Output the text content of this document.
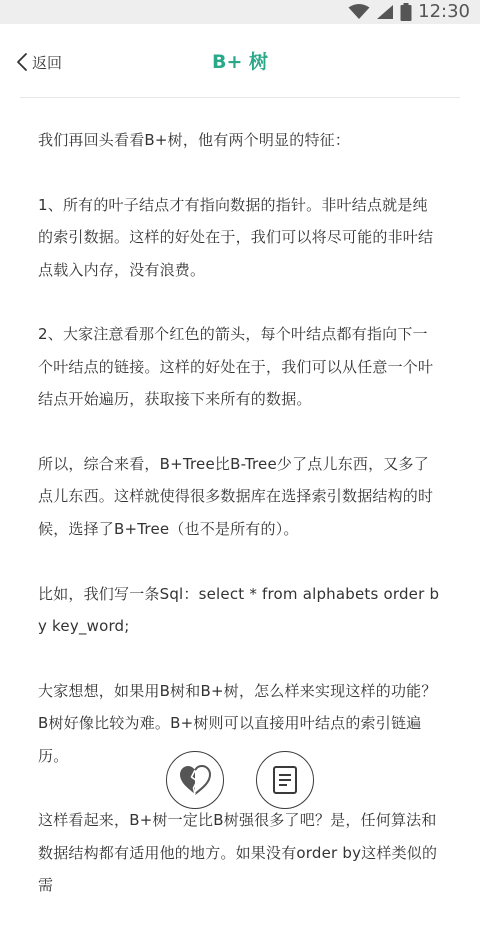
12:30
返回	B+ 树

我们再回头看看B+树，他有两个明显的特征：

1、所有的叶子结点才有指向数据的指针。非叶结点就是纯的索引数据。这样的好处在于，我们可以将尽可能的非叶结点载入内存，没有浪费。

2、大家注意看那个红色的箭头，每个叶结点都有指向下一个叶结点的链接。这样的好处在于，我们可以从任意一个叶结点开始遍历，获取接下来所有的数据。

所以，综合来看，B+Tree比B-Tree少了点儿东西，又多了点儿东西。这样就使得很多数据库在选择索引数据结构的时候，选择了B+Tree（也不是所有的）。

比如，我们写一条Sql：select * from alphabets order by key_word;

大家想想，如果用B树和B+树，怎么样来实现这样的功能？B树好像比较为难。B+树则可以直接用叶结点的索引链遍历。

这样看起来，B+树一定比B树强很多了吧？是，任何算法和数据结构都有适用他的地方。如果没有order by这样类似的需
